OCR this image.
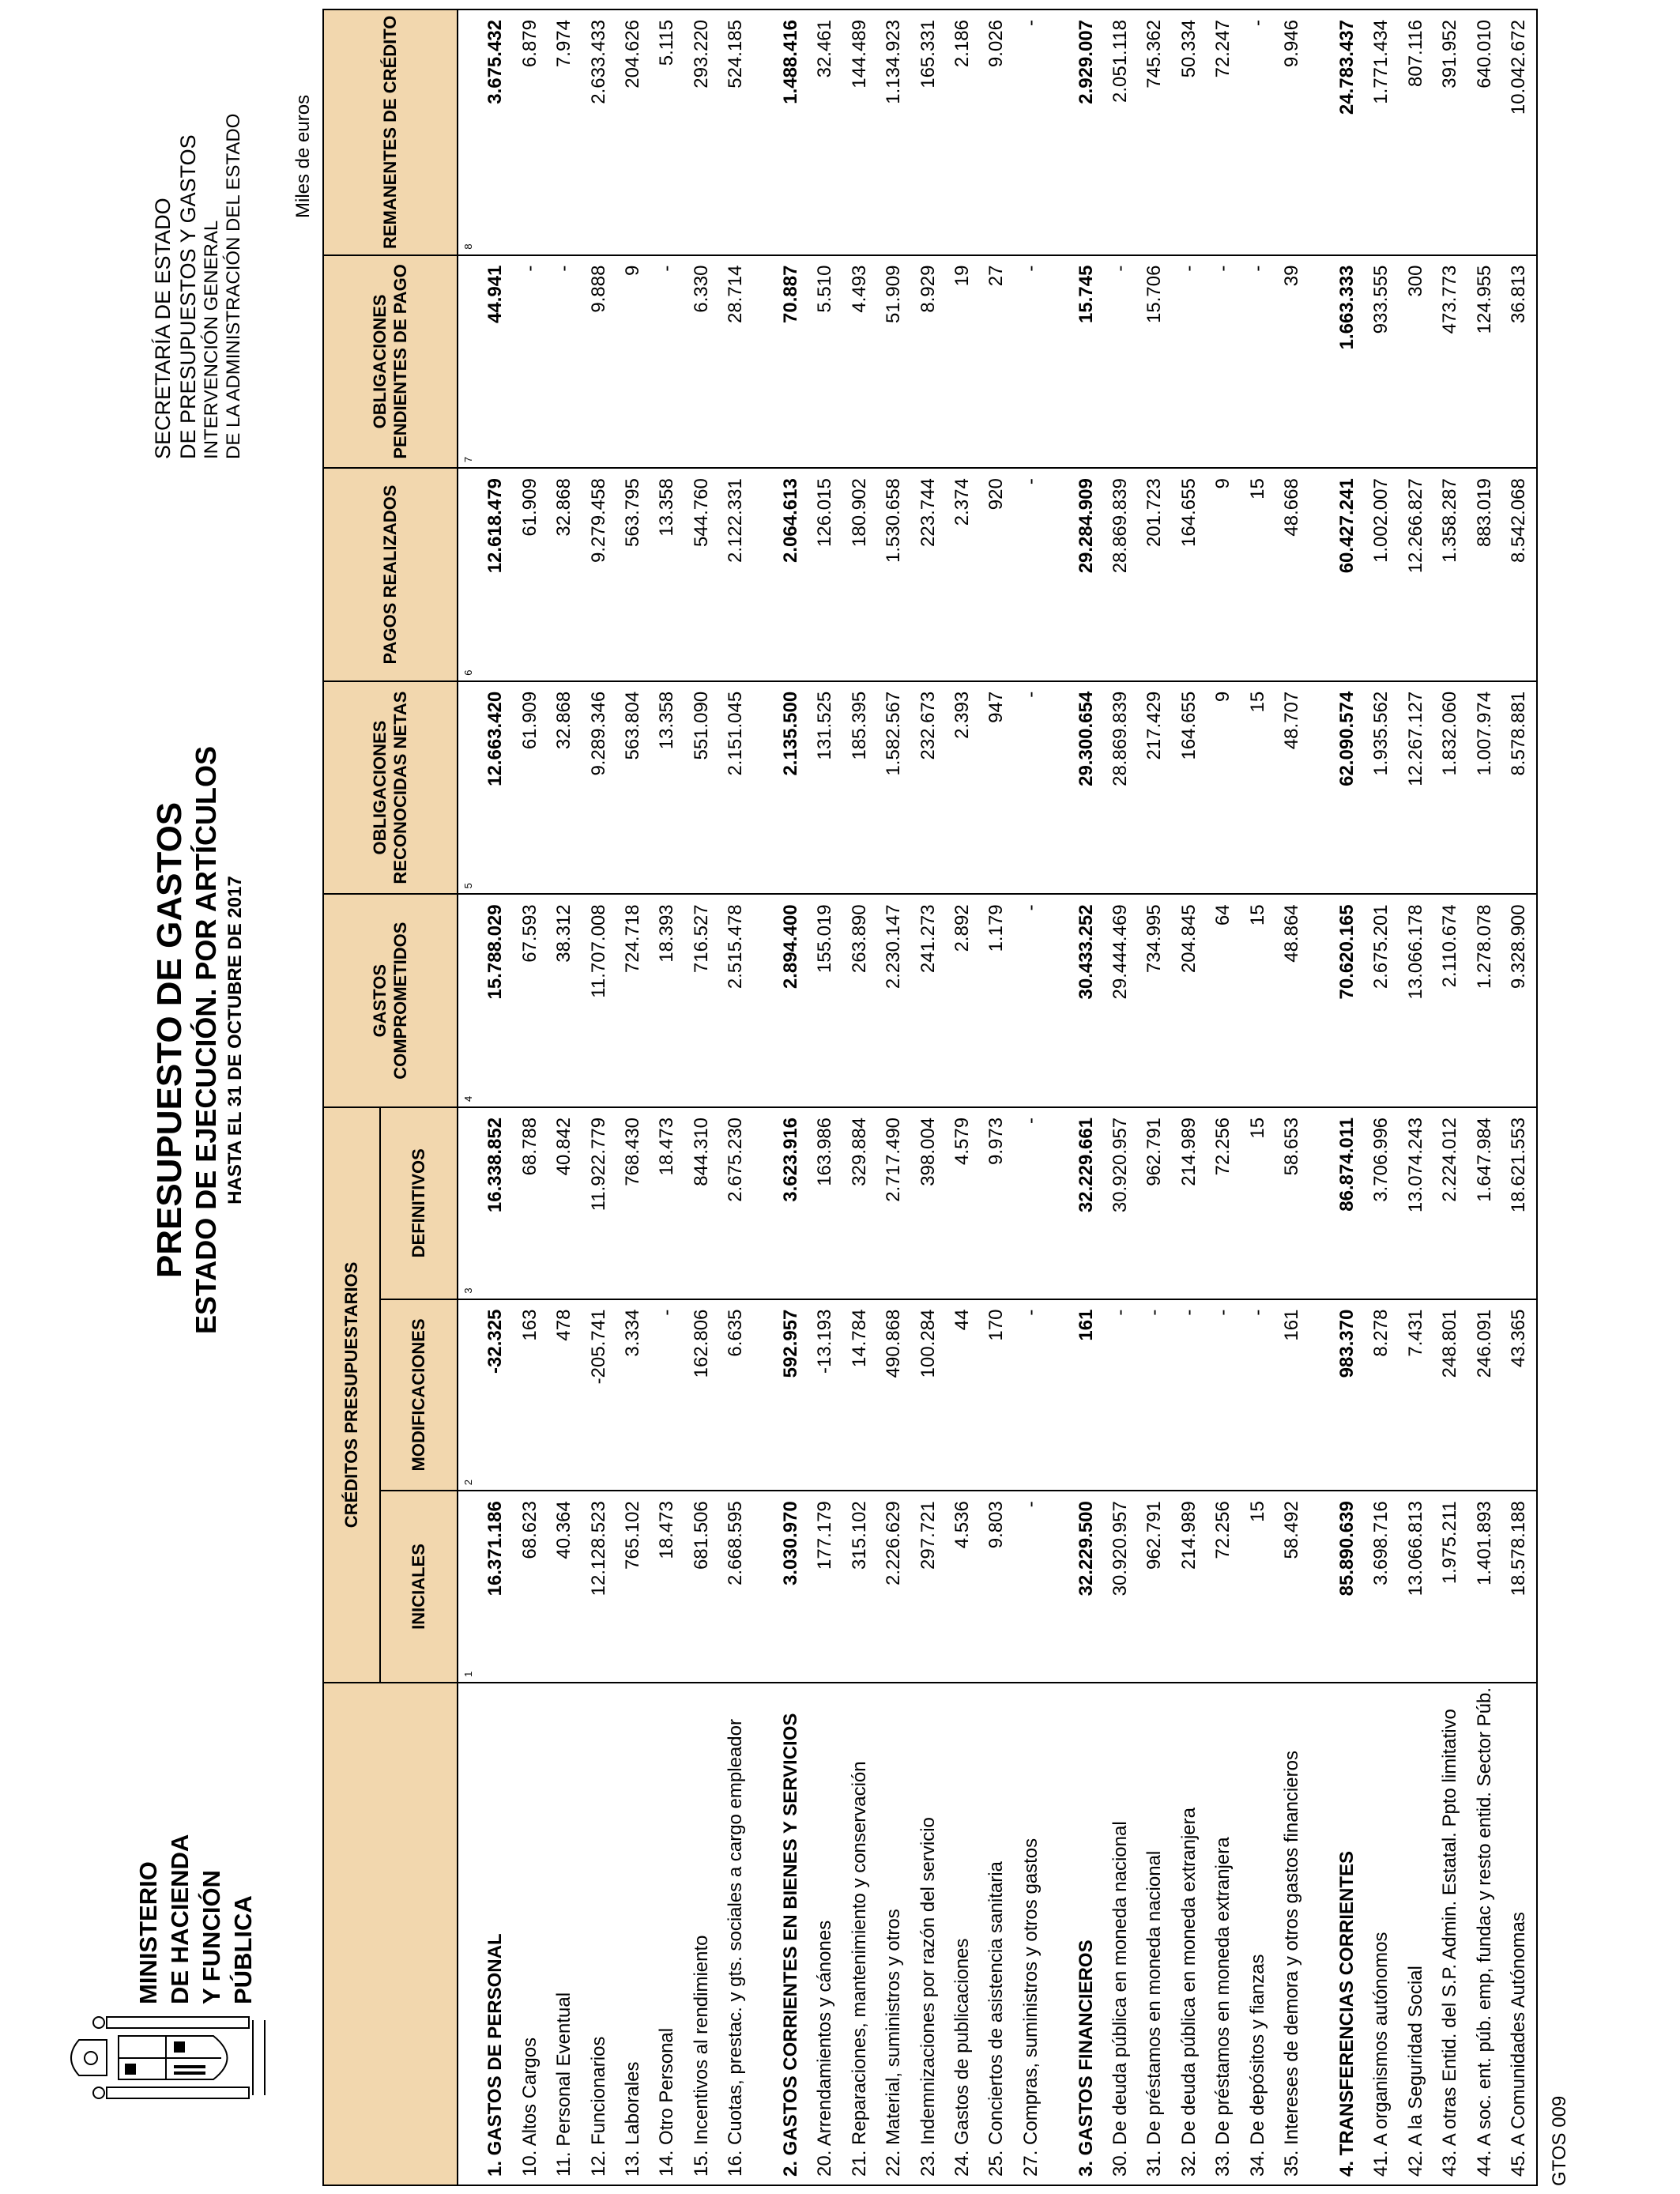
MINISTERIO DE HACIENDA Y FUNCIÓN PÚBLICA
PRESUPUESTO DE GASTOS ESTADO DE EJECUCIÓN. POR ARTÍCULOS HASTA EL 31 DE OCTUBRE DE 2017
SECRETARÍA DE ESTADO DE PRESUPUESTOS Y GASTOS INTERVENCIÓN GENERAL DE LA ADMINISTRACIÓN DEL ESTADO	Miles de euros
	CRÉDITOS PRESUPUESTARIOS			GASTOS COMPROMETIDOS	OBLIGACIONES RECONOCIDAS NETAS	PAGOS REALIZADOS	OBLIGACIONES PENDIENTES DE PAGO	REMANENTES DE CRÉDITO
	INICIALES	MODIFICACIONES	DEFINITIVOS					
	1	2	3	4	5	6	7	8
1. GASTOS DE PERSONAL	16.371.186	-32.325	16.338.852	15.788.029	12.663.420	12.618.479	44.941	3.675.432
10. Altos Cargos	68.623	163	68.788	67.593	61.909	61.909	-	6.879
11. Personal Eventual	40.364	478	40.842	38.312	32.868	32.868	-	7.974
12. Funcionarios	12.128.523	-205.741	11.922.779	11.707.008	9.289.346	9.279.458	9.888	2.633.433
13. Laborales	765.102	3.334	768.430	724.718	563.804	563.795	9	204.626
14. Otro Personal	18.473	-	18.473	18.393	13.358	13.358	-	5.115
15. Incentivos al rendimiento	681.506	162.806	844.310	716.527	551.090	544.760	6.330	293.220
16. Cuotas, prestac. y gts. sociales a cargo empleador	2.668.595	6.635	2.675.230	2.515.478	2.151.045	2.122.331	28.714	524.185

2. GASTOS CORRIENTES EN BIENES Y SERVICIOS	3.030.970	592.957	3.623.916	2.894.400	2.135.500	2.064.613	70.887	1.488.416
20. Arrendamientos y cánones	177.179	-13.193	163.986	155.019	131.525	126.015	5.510	32.461
21. Reparaciones, mantenimiento y conservación	315.102	14.784	329.884	263.890	185.395	180.902	4.493	144.489
22. Material, suministros y otros	2.226.629	490.868	2.717.490	2.230.147	1.582.567	1.530.658	51.909	1.134.923
23. Indemnizaciones por razón del servicio	297.721	100.284	398.004	241.273	232.673	223.744	8.929	165.331
24. Gastos de publicaciones	4.536	44	4.579	2.892	2.393	2.374	19	2.186
25. Conciertos de asistencia sanitaria	9.803	170	9.973	1.179	947	920	27	9.026
27. Compras, suministros y otros gastos	-	-	-	-	-	-	-	-

3. GASTOS FINANCIEROS	32.229.500	161	32.229.661	30.433.252	29.300.654	29.284.909	15.745	2.929.007
30. De deuda pública en moneda nacional	30.920.957	-	30.920.957	29.444.469	28.869.839	28.869.839	-	2.051.118
31. De préstamos en moneda nacional	962.791	-	962.791	734.995	217.429	201.723	15.706	745.362
32. De deuda pública en moneda extranjera	214.989	-	214.989	204.845	164.655	164.655	-	50.334
33. De préstamos en moneda extranjera	72.256	-	72.256	64	9	9	-	72.247
34. De depósitos y fianzas	15	-	15	15	15	15	-	-
35. Intereses de demora y otros gastos financieros	58.492	161	58.653	48.864	48.707	48.668	39	9.946

4. TRANSFERENCIAS CORRIENTES	85.890.639	983.370	86.874.011	70.620.165	62.090.574	60.427.241	1.663.333	24.783.437
41. A organismos autónomos	3.698.716	8.278	3.706.996	2.675.201	1.935.562	1.002.007	933.555	1.771.434
42. A la Seguridad Social	13.066.813	7.431	13.074.243	13.066.178	12.267.127	12.266.827	300	807.116
43. A otras Entid. del S.P. Admin. Estatal. Ppto limitativo	1.975.211	248.801	2.224.012	2.110.674	1.832.060	1.358.287	473.773	391.952
44. A soc. ent. púb. emp, fundac y resto entid. Sector Púb.	1.401.893	246.091	1.647.984	1.278.078	1.007.974	883.019	124.955	640.010
45. A Comunidades Autónomas	18.578.188	43.365	18.621.553	9.328.900	8.578.881	8.542.068	36.813	10.042.672
GTOS 009
